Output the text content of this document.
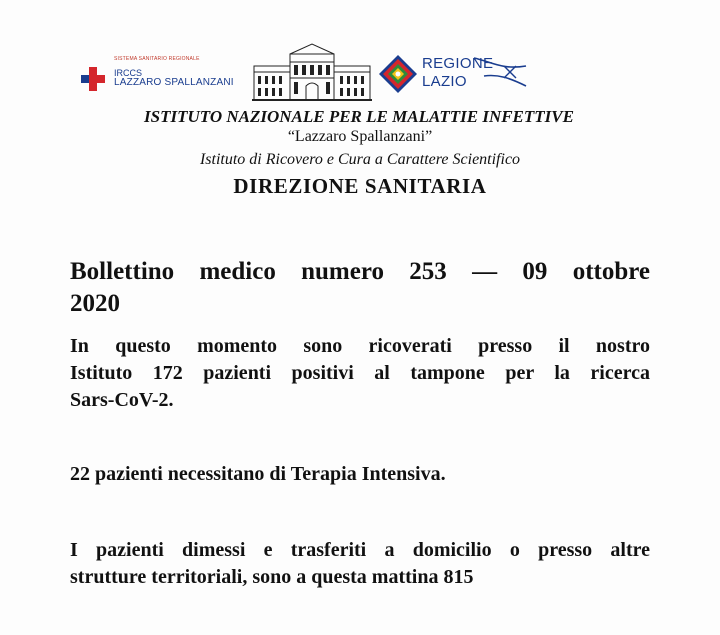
SISTEMA SANITARIO REGIONALE
IRCCS
LAZZARO SPALLANZANI
REGIONE
LAZIO
ISTITUTO NAZIONALE PER LE MALATTIE INFETTIVE
“Lazzaro Spallanzani”
Istituto di Ricovero e Cura a Carattere Scientifico
DIREZIONE SANITARIA
Bollettino medico numero 253 — 09 ottobre
2020
In questo momento sono ricoverati presso il nostro
Istituto 172 pazienti positivi al tampone per la ricerca
Sars-CoV-2.
22 pazienti necessitano di Terapia Intensiva.
I pazienti dimessi e trasferiti a domicilio o presso altre
strutture territoriali, sono a questa mattina 815
